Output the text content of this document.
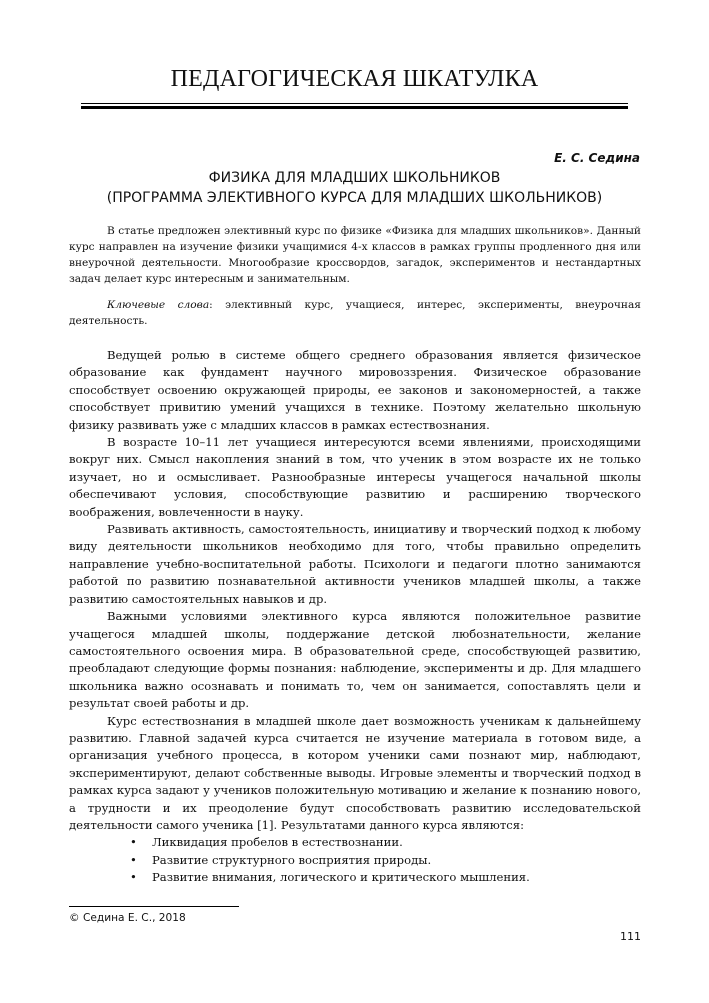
ПЕДАГОГИЧЕСКАЯ ШКАТУЛКА
Е. С. Седина
ФИЗИКА ДЛЯ МЛАДШИХ ШКОЛЬНИКОВ
(ПРОГРАММА ЭЛЕКТИВНОГО КУРСА ДЛЯ МЛАДШИХ ШКОЛЬНИКОВ)

В статье предложен элективный курс по физике «Физика для младших школьников». Данный курс направлен на изучение физики учащимися 4-х классов в рамках группы продленного дня или внеурочной деятельности. Многообразие кроссвордов, загадок, экспериментов и нестандартных задач делает курс интересным и занимательным.

Ключевые слова: элективный курс, учащиеся, интерес, эксперименты, внеурочная деятельность.

Ведущей ролью в системе общего среднего образования является физическое образование как фундамент научного мировоззрения. Физическое образование способствует освоению окружающей природы, ее законов и закономерностей, а также способствует привитию умений учащихся в технике. Поэтому желательно школьную физику развивать уже с младших классов в рамках естествознания.

В возрасте 10–11 лет учащиеся интересуются всеми явлениями, происходящими вокруг них. Смысл накопления знаний в том, что ученик в этом возрасте их не только изучает, но и осмысливает. Разнообразные интересы учащегося начальной школы обеспечивают условия, способствующие развитию и расширению творческого воображения, вовлеченности в науку.

Развивать активность, самостоятельность, инициативу и творческий подход к любому виду деятельности школьников необходимо для того, чтобы правильно определить направление учебно-воспитательной работы. Психологи и педагоги плотно занимаются работой по развитию познавательной активности учеников младшей школы, а также развитию самостоятельных навыков и др.

Важными условиями элективного курса являются положительное развитие учащегося младшей школы, поддержание детской любознательности, желание самостоятельного освоения мира. В образовательной среде, способствующей развитию, преобладают следующие формы познания: наблюдение, эксперименты и др. Для младшего школьника важно осознавать и понимать то, чем он занимается, сопоставлять цели и результат своей работы и др.

Курс естествознания в младшей школе дает возможность ученикам к дальнейшему развитию. Главной задачей курса считается не изучение материала в готовом виде, а организация учебного процесса, в котором ученики сами познают мир, наблюдают, экспериментируют, делают собственные выводы. Игровые элементы и творческий подход в рамках курса задают у учеников положительную мотивацию и желание к познанию нового, а трудности и их преодоление будут способствовать развитию исследовательской деятельности самого ученика [1]. Результатами данного курса являются:

• Ликвидация пробелов в естествознании.
• Развитие структурного восприятия природы.
• Развитие внимания, логического и критического мышления.
© Седина Е. С., 2018
111
